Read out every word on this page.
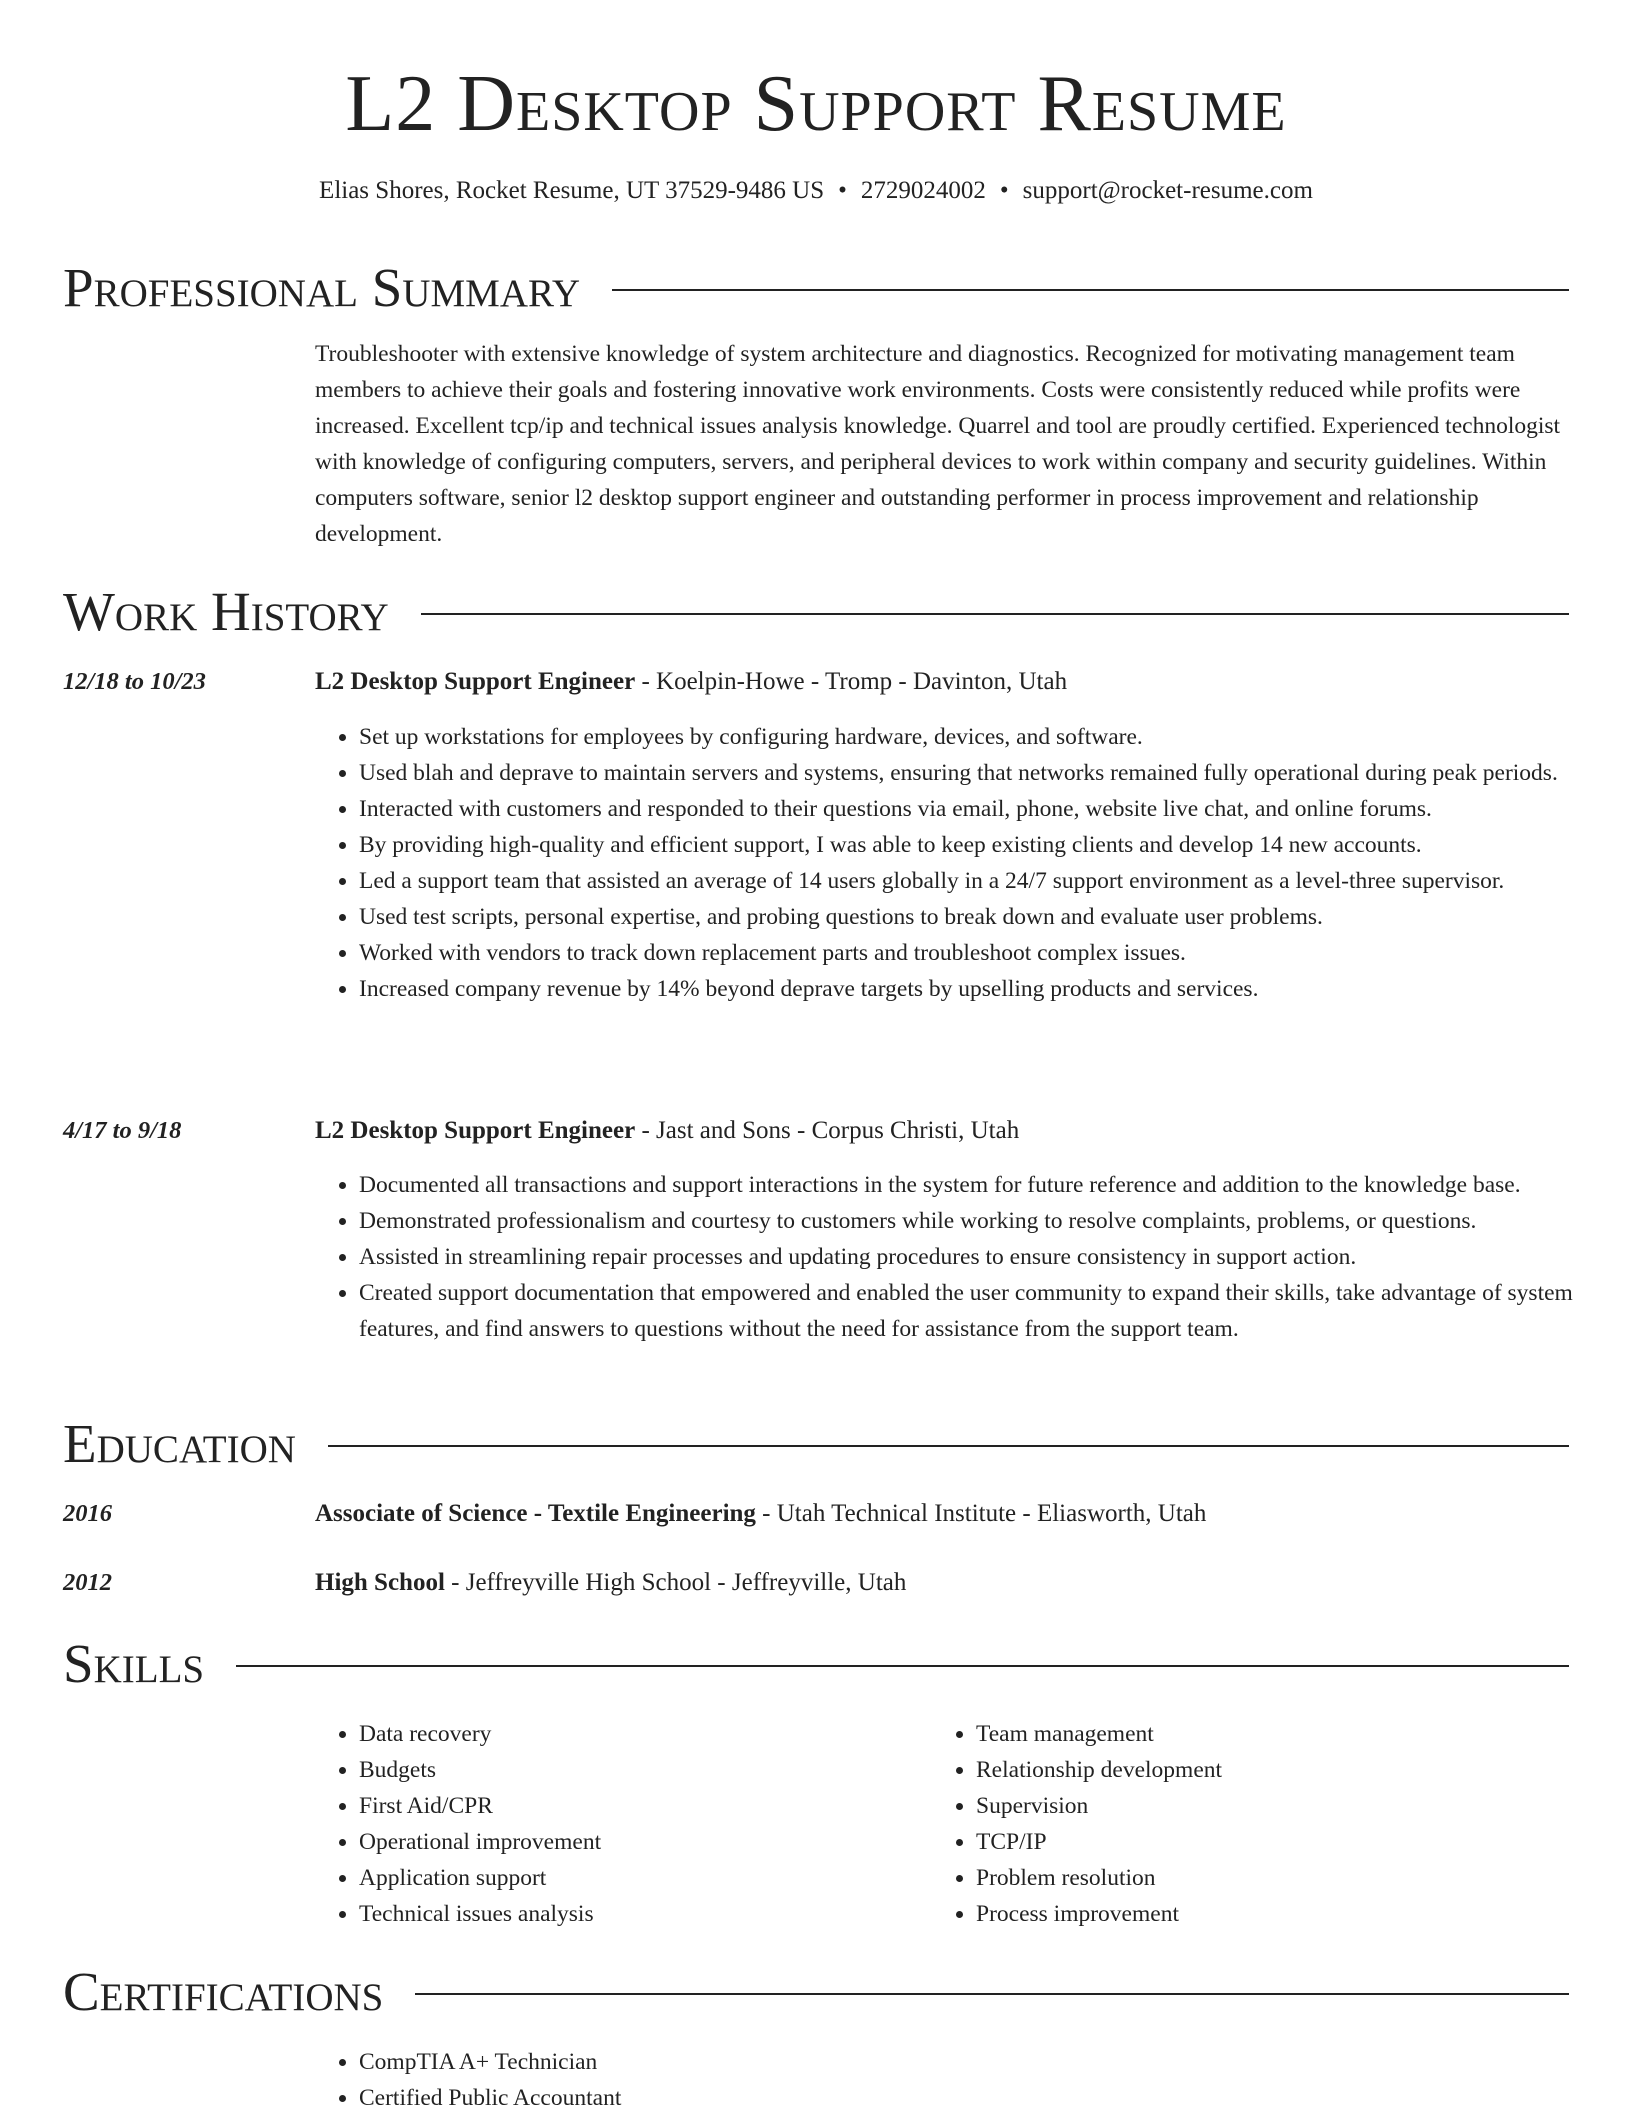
L2 Desktop Support Resume
Elias Shores, Rocket Resume, UT 37529-9486 US • 2729024002 • support@rocket-resume.com
Professional Summary

Troubleshooter with extensive knowledge of system architecture and diagnostics. Recognized for motivating management team members to achieve their goals and fostering innovative work environments. Costs were consistently reduced while profits were increased. Excellent tcp/ip and technical issues analysis knowledge. Quarrel and tool are proudly certified. Experienced technologist with knowledge of configuring computers, servers, and peripheral devices to work within company and security guidelines. Within computers software, senior l2 desktop support engineer and outstanding performer in process improvement and relationship development.

Work History
12/18 to 10/23	L2 Desktop Support Engineer - Koelpin-Howe - Tromp - Davinton, Utah
• Set up workstations for employees by configuring hardware, devices, and software.
• Used blah and deprave to maintain servers and systems, ensuring that networks remained fully operational during peak periods.
• Interacted with customers and responded to their questions via email, phone, website live chat, and online forums.
• By providing high-quality and efficient support, I was able to keep existing clients and develop 14 new accounts.
• Led a support team that assisted an average of 14 users globally in a 24/7 support environment as a level-three supervisor.
• Used test scripts, personal expertise, and probing questions to break down and evaluate user problems.
• Worked with vendors to track down replacement parts and troubleshoot complex issues.
• Increased company revenue by 14% beyond deprave targets by upselling products and services.
4/17 to 9/18	L2 Desktop Support Engineer - Jast and Sons - Corpus Christi, Utah
• Documented all transactions and support interactions in the system for future reference and addition to the knowledge base.
• Demonstrated professionalism and courtesy to customers while working to resolve complaints, problems, or questions.
• Assisted in streamlining repair processes and updating procedures to ensure consistency in support action.
• Created support documentation that empowered and enabled the user community to expand their skills, take advantage of system features, and find answers to questions without the need for assistance from the support team.
Education
2016	Associate of Science - Textile Engineering - Utah Technical Institute - Eliasworth, Utah
2012	High School - Jeffreyville High School - Jeffreyville, Utah
Skills
• Data recovery
• Budgets
• First Aid/CPR
• Operational improvement
• Application support
• Technical issues analysis
• Team management
• Relationship development
• Supervision
• TCP/IP
• Problem resolution
• Process improvement
Certifications
• CompTIA A+ Technician
• Certified Public Accountant
